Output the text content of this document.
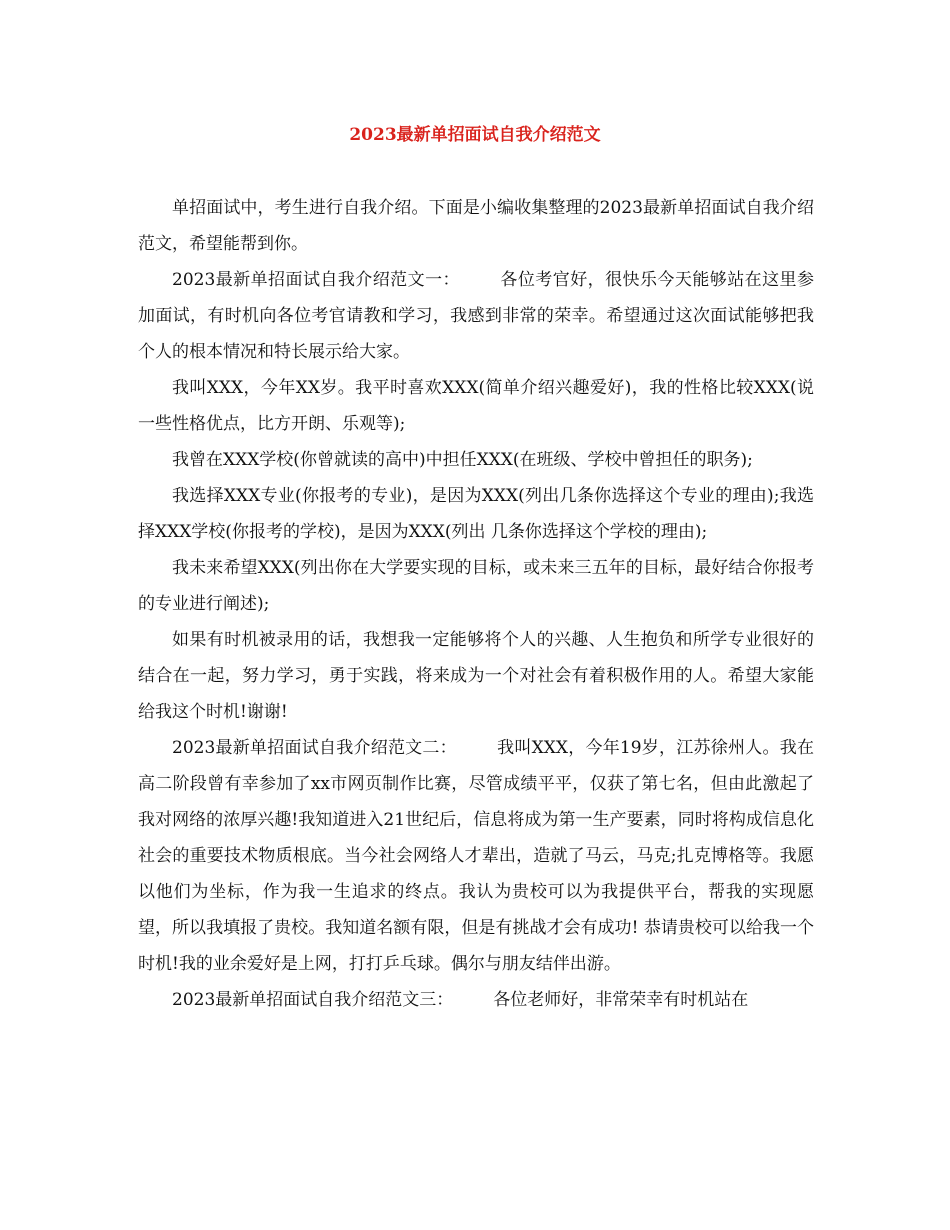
2023最新单招面试自我介绍范文

单招面试中，考生进行自我介绍。下面是小编收集整理的2023最新单招面试自我介绍范文，希望能帮到你。

2023最新单招面试自我介绍范文一： 各位考官好，很快乐今天能够站在这里参加面试，有时机向各位考官请教和学习，我感到非常的荣幸。希望通过这次面试能够把我个人的根本情况和特长展示给大家。

我叫XXX，今年XX岁。我平时喜欢XXX(简单介绍兴趣爱好)，我的性格比较XXX(说一些性格优点，比方开朗、乐观等);

我曾在XXX学校(你曾就读的高中)中担任XXX(在班级、学校中曾担任的职务);

我选择XXX专业(你报考的专业)，是因为XXX(列出几条你选择这个专业的理由);我选择XXX学校(你报考的学校)，是因为XXX(列出 几条你选择这个学校的理由);

我未来希望XXX(列出你在大学要实现的目标，或未来三五年的目标，最好结合你报考的专业进行阐述);

如果有时机被录用的话，我想我一定能够将个人的兴趣、人生抱负和所学专业很好的结合在一起，努力学习，勇于实践，将来成为一个对社会有着积极作用的人。希望大家能给我这个时机!谢谢!

2023最新单招面试自我介绍范文二： 我叫XXX，今年19岁，江苏徐州人。我在高二阶段曾有幸参加了xx市网页制作比赛，尽管成绩平平，仅获了第七名，但由此激起了我对网络的浓厚兴趣!我知道进入21世纪后，信息将成为第一生产要素，同时将构成信息化社会的重要技术物质根底。当今社会网络人才辈出，造就了马云，马克;扎克博格等。我愿以他们为坐标，作为我一生追求的终点。我认为贵校可以为我提供平台，帮我的实现愿望，所以我填报了贵校。我知道名额有限，但是有挑战才会有成功! 恭请贵校可以给我一个时机!我的业余爱好是上网，打打乒乓球。偶尔与朋友结伴出游。

2023最新单招面试自我介绍范文三： 各位老师好，非常荣幸有时机站在
